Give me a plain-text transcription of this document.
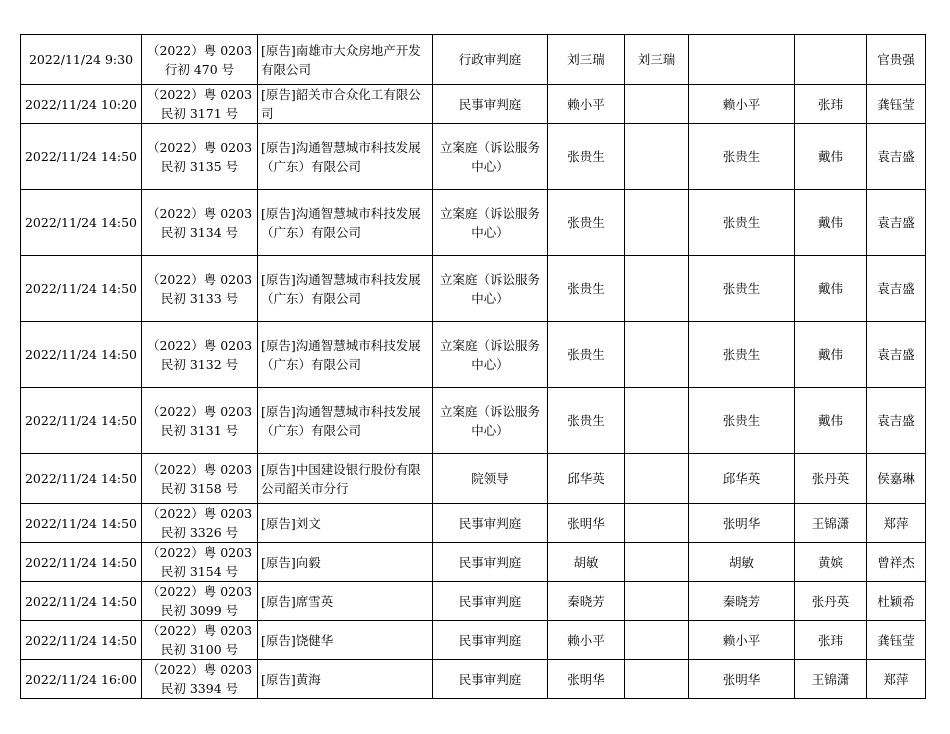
2022/11/24 9:30	（2022）粤 0203 行初 470 号	[原告]南雄市大众房地产开发有限公司	行政审判庭	刘三瑞	刘三瑞			官贵强
2022/11/24 10:20	（2022）粤 0203 民初 3171 号	[原告]韶关市合众化工有限公司	民事审判庭	赖小平		赖小平	张玮	龚钰莹
2022/11/24 14:50	（2022）粤 0203 民初 3135 号	[原告]沟通智慧城市科技发展（广东）有限公司	立案庭（诉讼服务中心）	张贵生		张贵生	戴伟	袁吉盛
2022/11/24 14:50	（2022）粤 0203 民初 3134 号	[原告]沟通智慧城市科技发展（广东）有限公司	立案庭（诉讼服务中心）	张贵生		张贵生	戴伟	袁吉盛
2022/11/24 14:50	（2022）粤 0203 民初 3133 号	[原告]沟通智慧城市科技发展（广东）有限公司	立案庭（诉讼服务中心）	张贵生		张贵生	戴伟	袁吉盛
2022/11/24 14:50	（2022）粤 0203 民初 3132 号	[原告]沟通智慧城市科技发展（广东）有限公司	立案庭（诉讼服务中心）	张贵生		张贵生	戴伟	袁吉盛
2022/11/24 14:50	（2022）粤 0203 民初 3131 号	[原告]沟通智慧城市科技发展（广东）有限公司	立案庭（诉讼服务中心）	张贵生		张贵生	戴伟	袁吉盛
2022/11/24 14:50	（2022）粤 0203 民初 3158 号	[原告]中国建设银行股份有限公司韶关市分行	院领导	邱华英		邱华英	张丹英	侯嘉琳
2022/11/24 14:50	（2022）粤 0203 民初 3326 号	[原告]刘文	民事审判庭	张明华		张明华	王锦潇	郑萍
2022/11/24 14:50	（2022）粤 0203 民初 3154 号	[原告]向毅	民事审判庭	胡敏		胡敏	黄嫔	曾祥杰
2022/11/24 14:50	（2022）粤 0203 民初 3099 号	[原告]席雪英	民事审判庭	秦晓芳		秦晓芳	张丹英	杜颖希
2022/11/24 14:50	（2022）粤 0203 民初 3100 号	[原告]饶健华	民事审判庭	赖小平		赖小平	张玮	龚钰莹
2022/11/24 16:00	（2022）粤 0203 民初 3394 号	[原告]黄海	民事审判庭	张明华		张明华	王锦潇	郑萍
